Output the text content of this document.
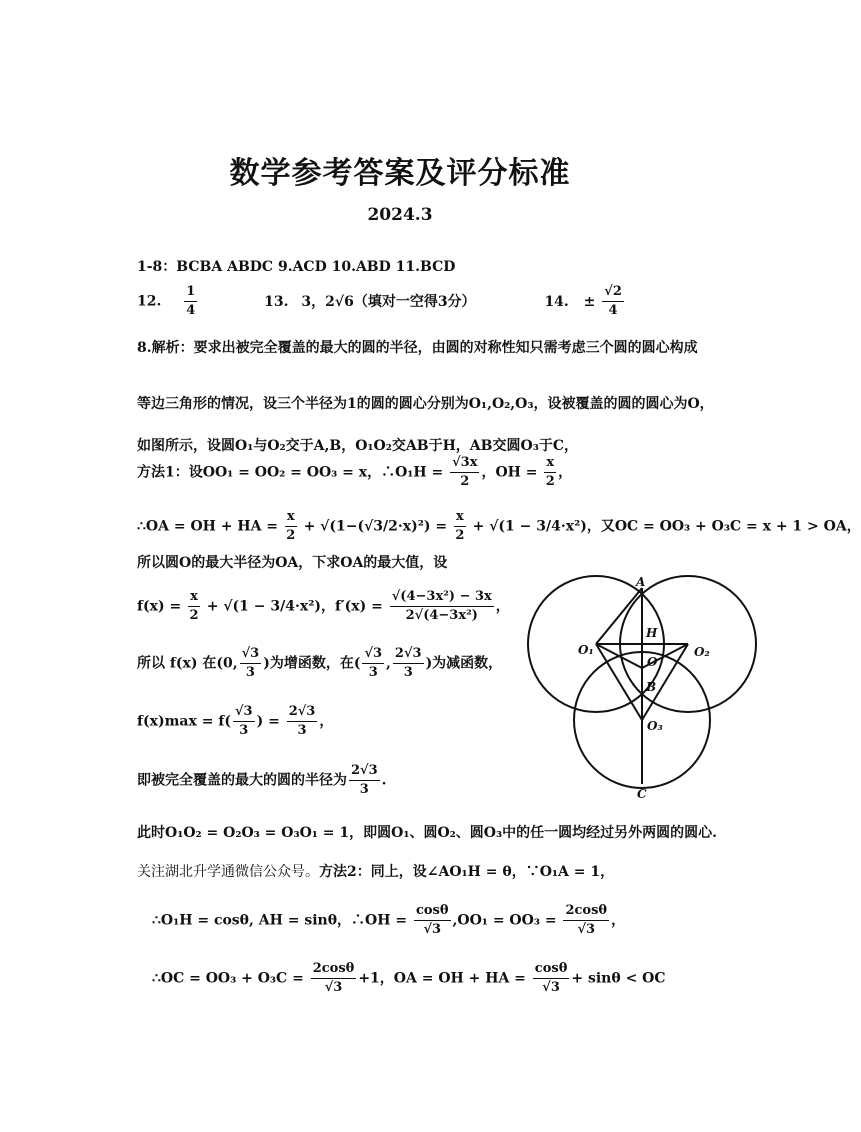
数学参考答案及评分标准
2024.3
1-8：BCBA ABDC 9.ACD 10.ABD 11.BCD
12. $\frac{1}{4}$	13. 3，2√6（填对一空得3分）	14. ± $\frac{√2}{4}$
8.解析：要求出被完全覆盖的最大的圆的半径，由圆的对称性知只需考虑三个圆的圆心构成
等边三角形的情况，设三个半径为1的圆的圆心分别为O₁,O₂,O₃，设被覆盖的圆的圆心为O，
如图所示，设圆O₁与O₂交于A,B，O₁O₂交AB于H，AB交圆O₃于C，
方法1：设OO₁ = OO₂ = OO₃ = x，∴O₁H = $\frac{√3x}{2}$ ，OH = $\frac{x}{2}$ ，
∴OA = OH + HA = $\frac{x}{2} + √(1-(√3/2\cdot x)^2) = \frac{x}{2} + √(1 - 3/4\cdot x^2)$，又OC = OO₃ + O₃C = x + 1 > OA，
所以圆O的最大半径为OA，下求OA的最大值，设
$f(x) = \frac{x}{2} + √(1 - 3/4\cdot x^2)$，$f'(x) = \frac{\text{√(4−3x²) − 3x}}{\text{2√(4−3x²)}}$ ，
所以 f(x) 在(0, $\frac{√3}{3}$ )为增函数，在( $\frac{√3}{3}$ , $\frac{2√3}{3}$ )为减函数，
$f(x)\max = f( \frac{√3}{3}$ ) = $\frac{2√3}{3}$ ，
即被完全覆盖的最大的圆的半径为 $\frac{2√3}{3}$ .
此时O₁O₂ = O₂O₃ = O₃O₁ = 1，即圆O₁、圆O₂、圆O₃中的任一圆均经过另外两圆的圆心.
关注湖北升学通微信公众号。方法2：同上，设∠AO₁H = θ，∵O₁A = 1，
∴O₁H = cosθ, AH = sinθ，∴OH = $\frac{\cos\theta}{√3} ,OO_1 = OO_3 = \frac{2\cos\theta}{√3}$ ，
∴OC = $OO_3 + O_3C = \frac{2\cos\theta}{√3} +1$，OA = OH + HA = $\frac{\cos\theta}{√3} + \sin\theta$ < OC
A
H
O₁	O₂
O
B
O₃
C
